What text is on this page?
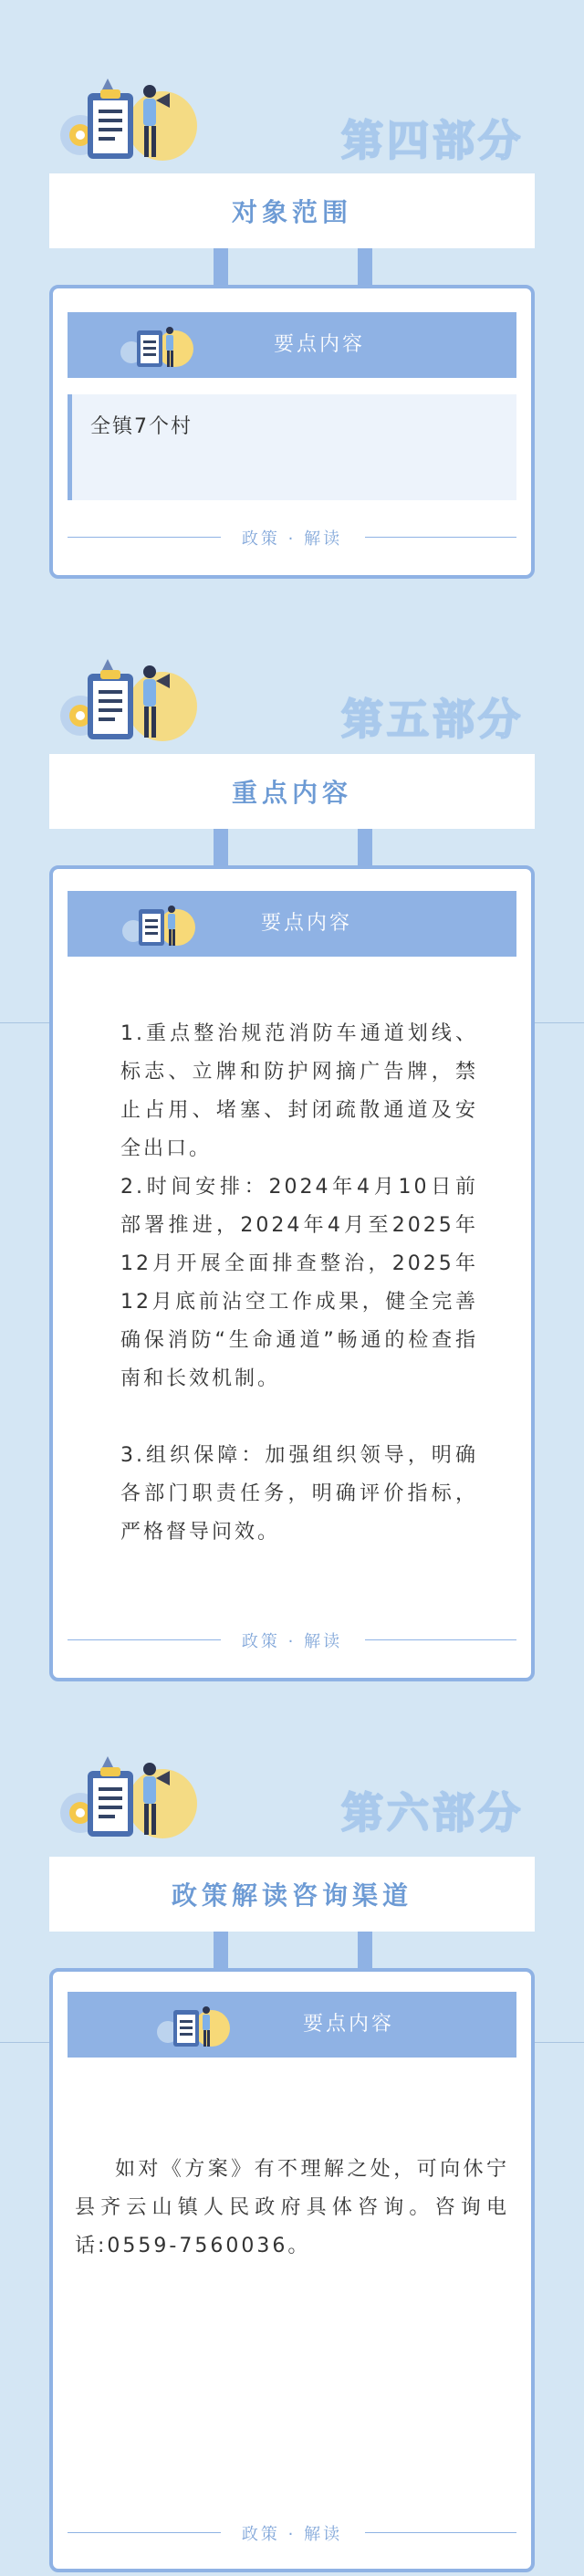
第四部分
对象范围
要点内容
全镇7个村
政策 · 解读
第五部分
重点内容
要点内容
1.重点整治规范消防车通道划线、标志、立牌和防护网摘广告牌，禁止占用、堵塞、封闭疏散通道及安全出口。
2.时间安排：2024年4月10日前部署推进，2024年4月至2025年12月开展全面排查整治，2025年12月底前沾空工作成果，健全完善确保消防“生命通道”畅通的检查指南和长效机制。
3.组织保障：加强组织领导，明确各部门职责任务，明确评价指标，严格督导问效。
政策 · 解读
第六部分
政策解读咨询渠道
要点内容
如对《方案》有不理解之处，可向休宁县齐云山镇人民政府具体咨询。咨询电话:0559-7560036。
政策 · 解读
